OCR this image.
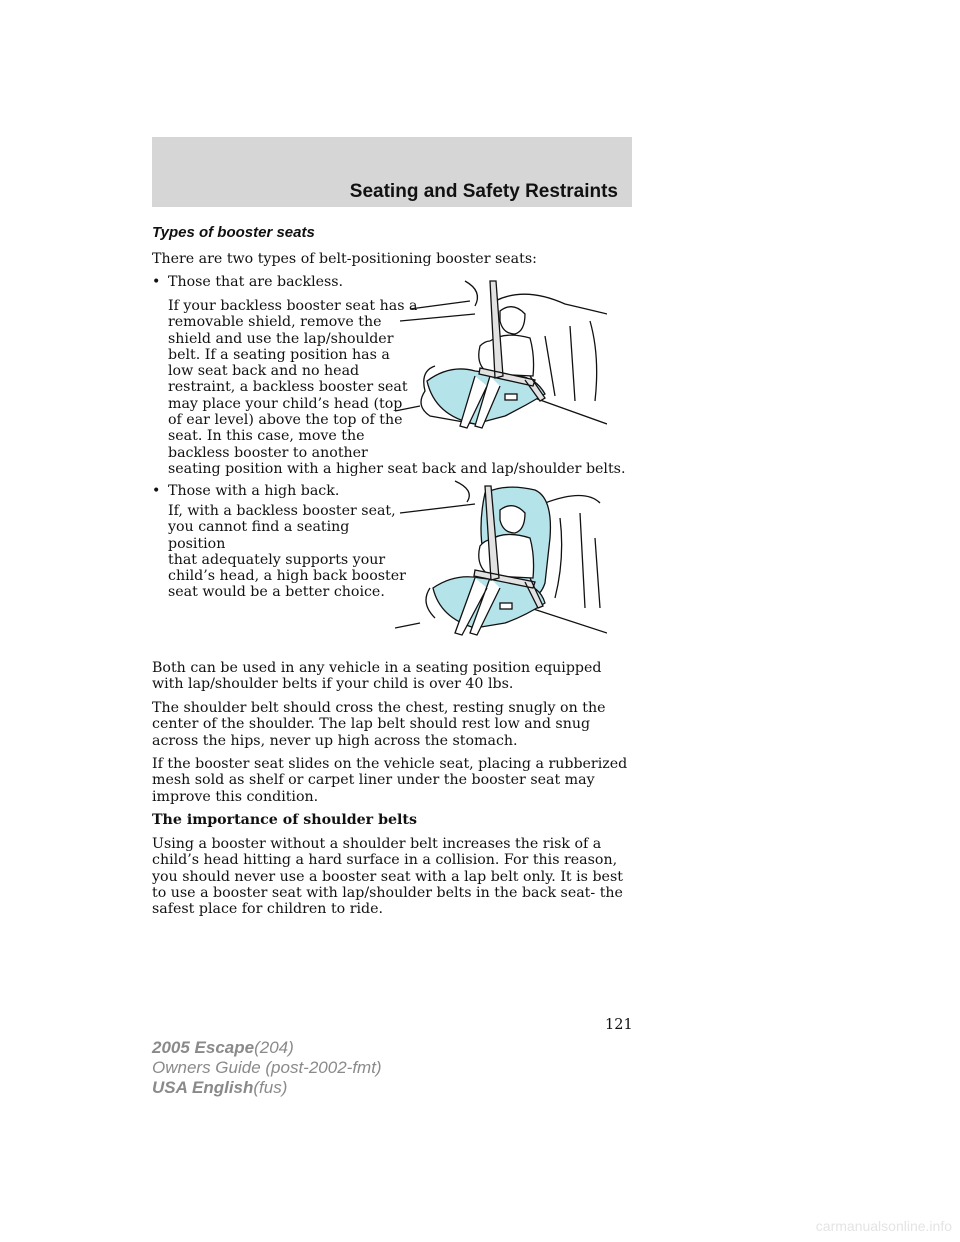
Seating and Safety Restraints
Types of booster seats
There are two types of belt-positioning booster seats:
• Those that are backless.
If your backless booster seat has a
removable shield, remove the
shield and use the lap/shoulder
belt. If a seating position has a
low seat back and no head
restraint, a backless booster seat
may place your child’s head (top
of ear level) above the top of the
seat. In this case, move the
backless booster to another
seating position with a higher seat back and lap/shoulder belts.
• Those with a high back.
If, with a backless booster seat,
you cannot find a seating position
that adequately supports your
child’s head, a high back booster
seat would be a better choice.
Both can be used in any vehicle in a seating position equipped with lap/shoulder belts if your child is over 40 lbs.
The shoulder belt should cross the chest, resting snugly on the center of the shoulder. The lap belt should rest low and snug across the hips, never up high across the stomach.
If the booster seat slides on the vehicle seat, placing a rubberized mesh sold as shelf or carpet liner under the booster seat may improve this condition.
The importance of shoulder belts
Using a booster without a shoulder belt increases the risk of a child’s head hitting a hard surface in a collision. For this reason, you should never use a booster seat with a lap belt only. It is best to use a booster seat with lap/shoulder belts in the back seat- the safest place for children to ride.
121
2005 Escape(204)
Owners Guide (post-2002-fmt)
USA English(fus)
carmanualsonline.info
